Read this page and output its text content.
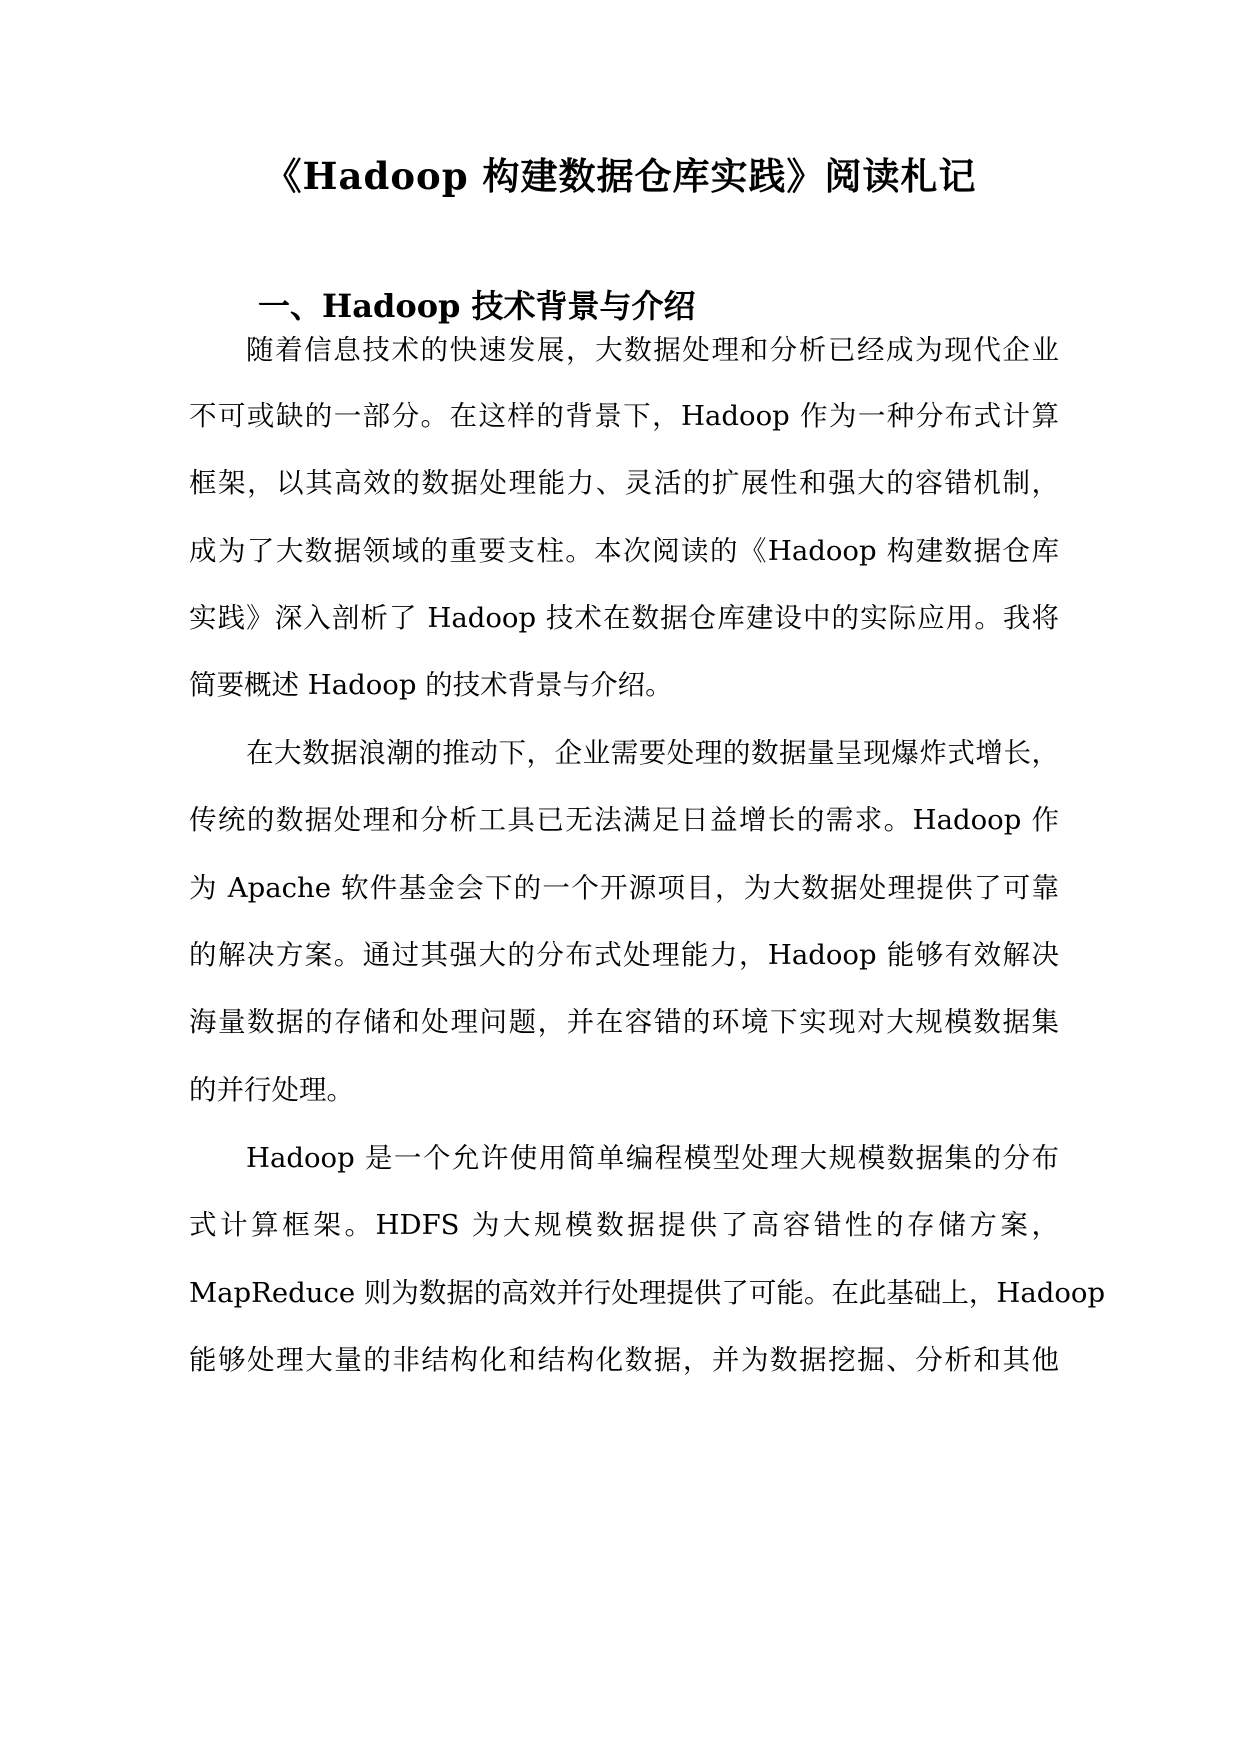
《Hadoop 构建数据仓库实践》阅读札记
一、Hadoop 技术背景与介绍
随着信息技术的快速发展，大数据处理和分析已经成为现代企业
不可或缺的一部分。在这样的背景下，Hadoop 作为一种分布式计算
框架，以其高效的数据处理能力、灵活的扩展性和强大的容错机制，
成为了大数据领域的重要支柱。本次阅读的《Hadoop 构建数据仓库
实践》深入剖析了 Hadoop 技术在数据仓库建设中的实际应用。我将
简要概述 Hadoop 的技术背景与介绍。
在大数据浪潮的推动下，企业需要处理的数据量呈现爆炸式增长，
传统的数据处理和分析工具已无法满足日益增长的需求。Hadoop 作
为 Apache 软件基金会下的一个开源项目，为大数据处理提供了可靠
的解决方案。通过其强大的分布式处理能力，Hadoop 能够有效解决
海量数据的存储和处理问题，并在容错的环境下实现对大规模数据集
的并行处理。
Hadoop 是一个允许使用简单编程模型处理大规模数据集的分布
式计算框架。HDFS 为大规模数据提供了高容错性的存储方案，
MapReduce 则为数据的高效并行处理提供了可能。在此基础上，Hadoop
能够处理大量的非结构化和结构化数据，并为数据挖掘、分析和其他
